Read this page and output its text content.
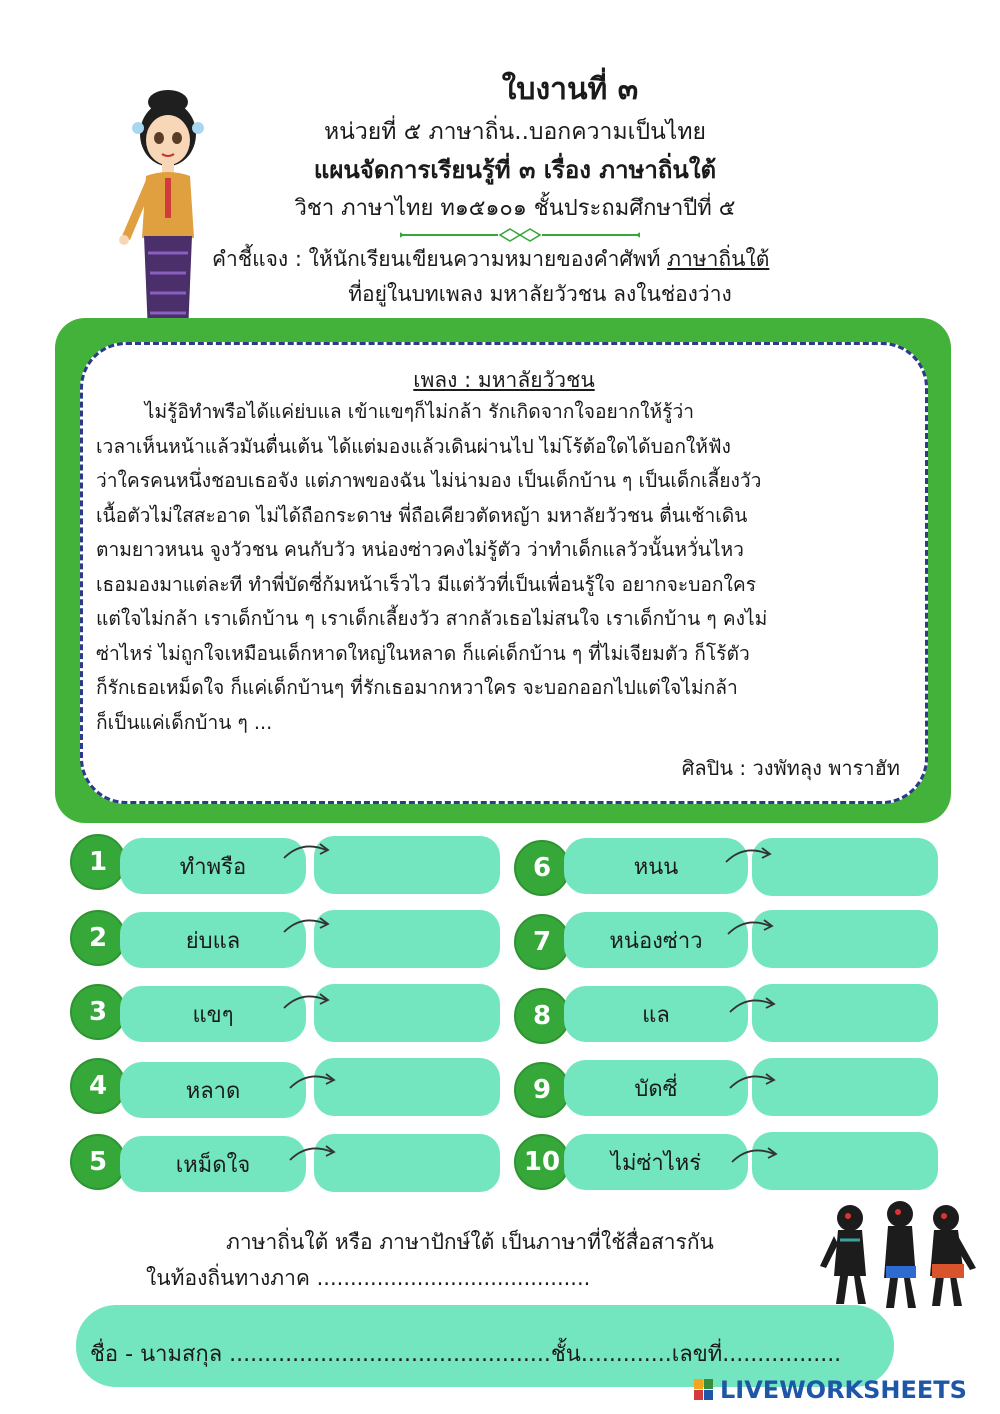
ใบงานที่ ๓
หน่วยที่ ๕ ภาษาถิ่น..บอกความเป็นไทย
แผนจัดการเรียนรู้ที่ ๓ เรื่อง ภาษาถิ่นใต้
วิชา ภาษาไทย ท๑๕๑๐๑ ชั้นประถมศึกษาปีที่ ๕
คำชี้แจง : ให้นักเรียนเขียนความหมายของคำศัพท์ ภาษาถิ่นใต้
ที่อยู่ในบทเพลง มหาลัยวัวชน ลงในช่องว่าง
เพลง : มหาลัยวัวชน
ไม่รู้อิทำพรือได้แค่ย่บแล เข้าแขๆก็ไม่กล้า รักเกิดจากใจอยากให้รู้ว่า
เวลาเห็นหน้าแล้วมันตื่นเต้น ได้แต่มองแล้วเดินผ่านไป ไม่โร้ต้อใดได้บอกให้ฟัง
ว่าใครคนหนึ่งชอบเธอจัง แต่ภาพของฉัน ไม่น่ามอง เป็นเด็กบ้าน ๆ เป็นเด็กเลี้ยงวัว
เนื้อตัวไม่ใสสะอาด ไม่ได้ถือกระดาษ พี่ถือเคียวตัดหญ้า มหาลัยวัวชน ตื่นเช้าเดิน
ตามยาวหนน จูงวัวชน คนกับวัว หน่องซ่าวคงไม่รู้ตัว ว่าทำเด็กแลวัวนั้นหวั่นไหว
เธอมองมาแต่ละที ทำพี่บัดซี่ก้มหน้าเร็วไว มีแต่วัวที่เป็นเพื่อนรู้ใจ อยากจะบอกใคร
แต่ใจไม่กล้า เราเด็กบ้าน ๆ เราเด็กเลี้ยงวัว สากลัวเธอไม่สนใจ เราเด็กบ้าน ๆ คงไม่
ซ่าไหร่ ไม่ถูกใจเหมือนเด็กหาดใหญ่ในหลาด ก็แค่เด็กบ้าน ๆ ที่ไม่เจียมตัว ก็โร้ตัว
ก็รักเธอเหม็ดใจ ก็แค่เด็กบ้านๆ ที่รักเธอมากหวาใคร จะบอกออกไปแต่ใจไม่กล้า
ก็เป็นแค่เด็กบ้าน ๆ ...
ศิลปิน : วงพัทลุง พาราฮัท
1	ทำพรือ
2	ย่บแล
3	แขๆ
4	หลาด
5	เหม็ดใจ
6	หนน
7	หน่องซ่าว
8	แล
9	บัดซี่
10	ไม่ซ่าไหร่
ภาษาถิ่นใต้ หรือ ภาษาปักษ์ใต้ เป็นภาษาที่ใช้สื่อสารกัน
ในท้องถิ่นทางภาค .........................................
ชื่อ - นามสกุล ..............................................ชั้น.............เลขที่.................
LIVEWORKSHEETS
